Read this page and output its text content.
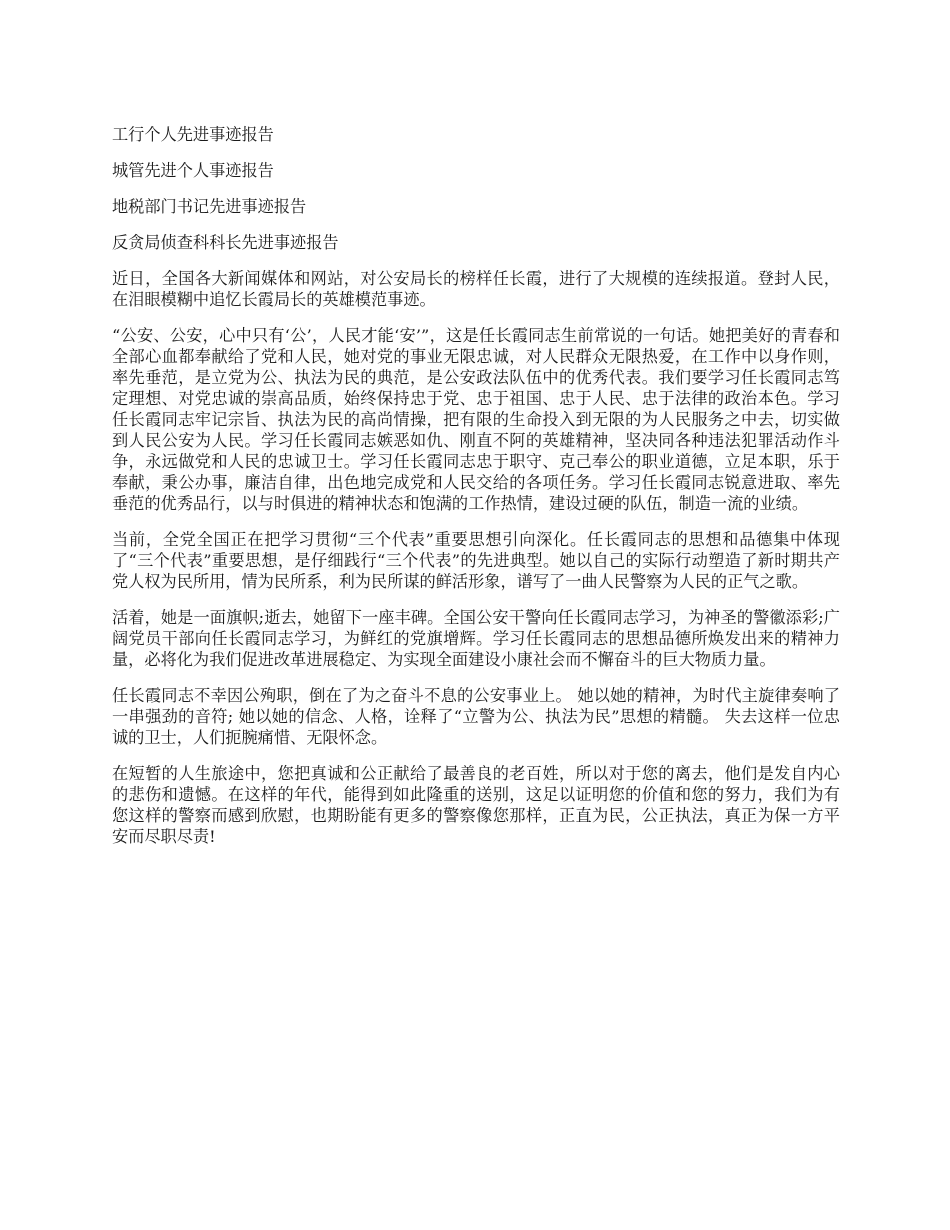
工行个人先进事迹报告
城管先进个人事迹报告
地税部门书记先进事迹报告
反贪局侦查科科长先进事迹报告

近日，全国各大新闻媒体和网站，对公安局长的榜样任长霞，进行了大规模的连续报道。登封人民，在泪眼模糊中追忆长霞局长的英雄模范事迹。

“公安、公安，心中只有‘公’，人民才能‘安’”，这是任长霞同志生前常说的一句话。她把美好的青春和全部心血都奉献给了党和人民，她对党的事业无限忠诚，对人民群众无限热爱，在工作中以身作则，率先垂范，是立党为公、执法为民的典范，是公安政法队伍中的优秀代表。我们要学习任长霞同志笃定理想、对党忠诚的崇高品质，始终保持忠于党、忠于祖国、忠于人民、忠于法律的政治本色。学习任长霞同志牢记宗旨、执法为民的高尚情操，把有限的生命投入到无限的为人民服务之中去，切实做到人民公安为人民。学习任长霞同志嫉恶如仇、刚直不阿的英雄精神，坚决同各种违法犯罪活动作斗争，永远做党和人民的忠诚卫士。学习任长霞同志忠于职守、克己奉公的职业道德，立足本职，乐于奉献，秉公办事，廉洁自律，出色地完成党和人民交给的各项任务。学习任长霞同志锐意进取、率先垂范的优秀品行，以与时俱进的精神状态和饱满的工作热情，建设过硬的队伍，制造一流的业绩。

当前，全党全国正在把学习贯彻“三个代表”重要思想引向深化。任长霞同志的思想和品德集中体现了“三个代表”重要思想，是仔细践行“三个代表”的先进典型。她以自己的实际行动塑造了新时期共产党人权为民所用，情为民所系，利为民所谋的鲜活形象，谱写了一曲人民警察为人民的正气之歌。

活着，她是一面旗帜;逝去，她留下一座丰碑。全国公安干警向任长霞同志学习，为神圣的警徽添彩;广阔党员干部向任长霞同志学习，为鲜红的党旗增辉。学习任长霞同志的思想品德所焕发出来的精神力量，必将化为我们促进改革进展稳定、为实现全面建设小康社会而不懈奋斗的巨大物质力量。

任长霞同志不幸因公殉职，倒在了为之奋斗不息的公安事业上。 她以她的精神，为时代主旋律奏响了一串强劲的音符; 她以她的信念、人格，诠释了“立警为公、执法为民”思想的精髓。 失去这样一位忠诚的卫士，人们扼腕痛惜、无限怀念。

在短暂的人生旅途中，您把真诚和公正献给了最善良的老百姓，所以对于您的离去，他们是发自内心的悲伤和遗憾。在这样的年代，能得到如此隆重的送别，这足以证明您的价值和您的努力，我们为有您这样的警察而感到欣慰，也期盼能有更多的警察像您那样，正直为民，公正执法，真正为保一方平安而尽职尽责!
